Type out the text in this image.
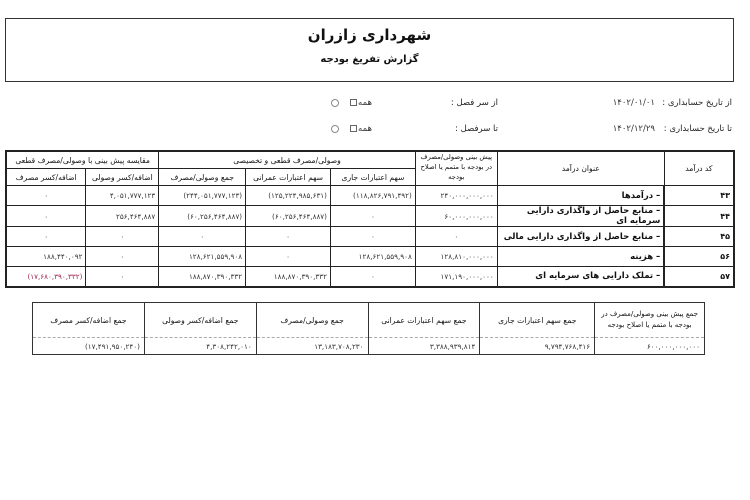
شهرداری زازران
گزارش تفریغ بودجه
از تاریخ حسابداری :
۱۴۰۲/۰۱/۰۱
از سر فصل :
همه
تا تاریخ حسابداری :
۱۴۰۲/۱۲/۲۹
تا سرفصل :
همه
کد درآمد	عنوان درآمد	پیش بینی وصولی/مصرف در بودجه با متمم یا اصلاح بودجه	وصولی/مصرف قطعی و تخصیصی			مقایسه پیش بینی با وصولی/مصرف قطعی	
			سهم اعتبارات جاری	سهم اعتبارات عمرانی	جمع وصولی/مصرف	اضافه/کسر وصولی	اضافه/کسر مصرف
۴۳	– درآمدها	۲۴۰,۰۰۰,۰۰۰,۰۰۰	(۱۱۸,۸۲۶,۷۹۱,۴۹۲)	(۱۲۵,۲۲۴,۹۸۵,۶۳۱)	(۲۴۴,۰۵۱,۷۷۷,۱۲۳)	۴,۰۵۱,۷۷۷,۱۲۳	۰
۴۴	– منابع حاصل از واگذاری دارایی سرمایه ای	۶۰,۰۰۰,۰۰۰,۰۰۰	۰	(۶۰,۲۵۶,۴۶۴,۸۸۷)	(۶۰,۲۵۶,۴۶۴,۸۸۷)	۲۵۶,۴۶۴,۸۸۷	۰
۴۵	– منابع حاصل از واگذاری دارایی مالی	۰	۰	۰	۰	۰	۰
۵۶	– هزینه	۱۲۸,۸۱۰,۰۰۰,۰۰۰	۱۲۸,۶۲۱,۵۵۹,۹۰۸	۰	۱۲۸,۶۲۱,۵۵۹,۹۰۸	۰	۱۸۸,۴۴۰,۰۹۲
۵۷	– تملک دارایی های سرمایه ای	۱۷۱,۱۹۰,۰۰۰,۰۰۰	۰	۱۸۸,۸۷۰,۳۹۰,۳۳۲	۱۸۸,۸۷۰,۳۹۰,۳۳۲	۰	(۱۷,۶۸۰,۳۹۰,۳۳۲)
جمع پیش بینی وصولی/مصرف در بودجه با متمم یا اصلاح بودجه	جمع سهم اعتبارات جاری	جمع سهم اعتبارات عمرانی	جمع وصولی/مصرف	جمع اضافه/کسر وصولی	جمع اضافه/کسر مصرف
۶۰۰,۰۰۰,۰۰۰,۰۰۰	۹,۷۹۴,۷۶۸,۴۱۶	۳,۳۸۸,۹۳۹,۸۱۴	۱۳,۱۸۳,۷۰۸,۲۳۰	۴,۳۰۸,۲۴۲,۰۱۰	(۱۷,۴۹۱,۹۵۰,۲۴۰)
